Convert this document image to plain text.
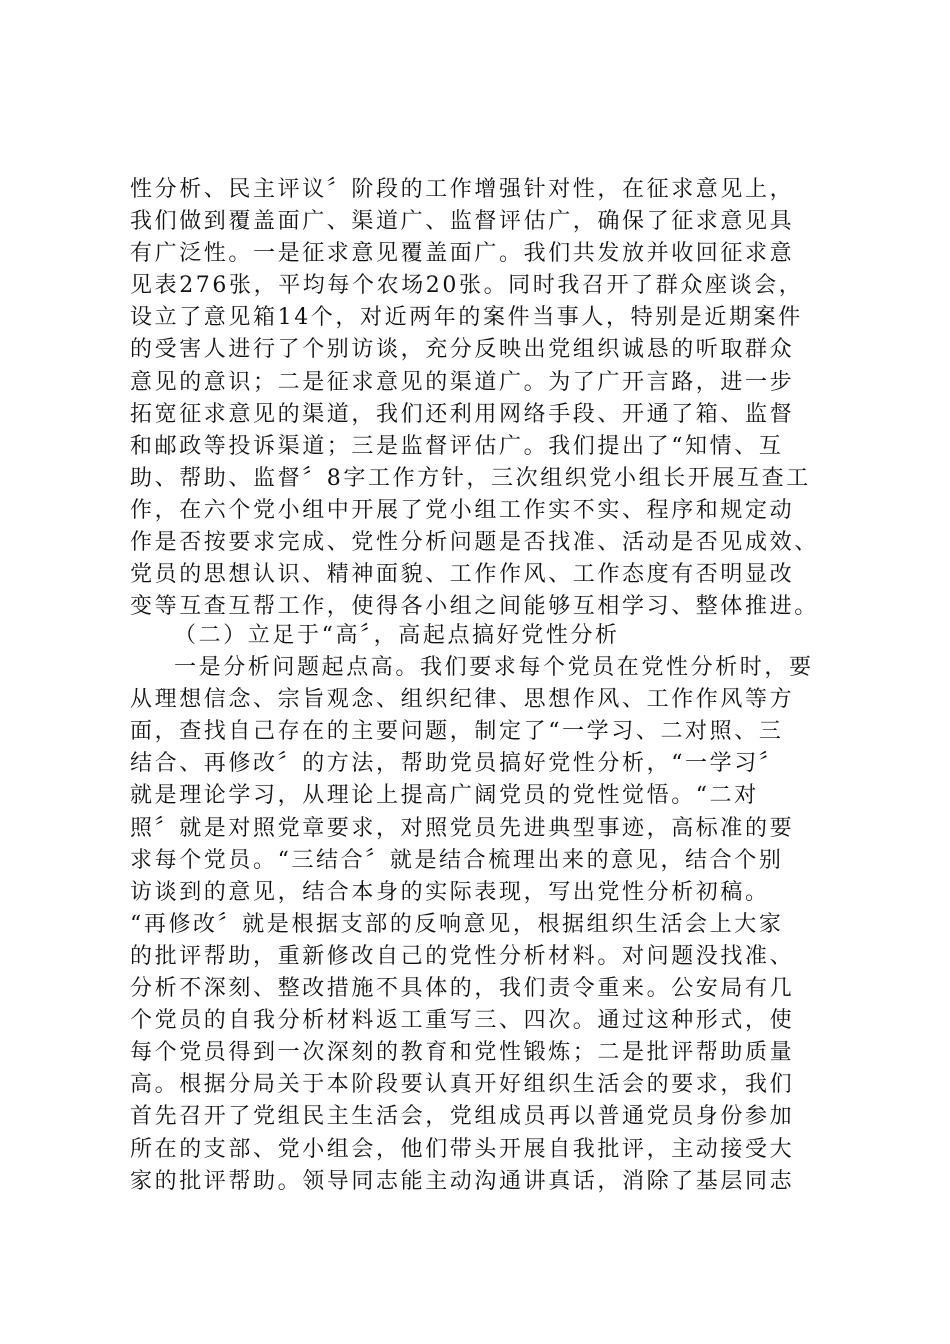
性分析、民主评议〞阶段的工作增强针对性，在征求意见上，
我们做到覆盖面广、渠道广、监督评估广，确保了征求意见具
有广泛性。一是征求意见覆盖面广。我们共发放并收回征求意
见表276张，平均每个农场20张。同时我召开了群众座谈会，
设立了意见箱14个，对近两年的案件当事人，特别是近期案件
的受害人进行了个别访谈，充分反映出党组织诚恳的听取群众
意见的意识；二是征求意见的渠道广。为了广开言路，进一步
拓宽征求意见的渠道，我们还利用网络手段、开通了箱、监督
和邮政等投诉渠道；三是监督评估广。我们提出了“知情、互
助、帮助、监督〞8字工作方针，三次组织党小组长开展互查工
作，在六个党小组中开展了党小组工作实不实、程序和规定动
作是否按要求完成、党性分析问题是否找准、活动是否见成效、
党员的思想认识、精神面貌、工作作风、工作态度有否明显改
变等互查互帮工作，使得各小组之间能够互相学习、整体推进。
（二）立足于“高〞，高起点搞好党性分析
一是分析问题起点高。我们要求每个党员在党性分析时，要
从理想信念、宗旨观念、组织纪律、思想作风、工作作风等方
面，查找自己存在的主要问题，制定了“一学习、二对照、三
结合、再修改〞的方法，帮助党员搞好党性分析，“一学习〞
就是理论学习，从理论上提高广阔党员的党性觉悟。“二对
照〞就是对照党章要求，对照党员先进典型事迹，高标准的要
求每个党员。“三结合〞就是结合梳理出来的意见，结合个别
访谈到的意见，结合本身的实际表现，写出党性分析初稿。
“再修改〞就是根据支部的反响意见，根据组织生活会上大家
的批评帮助，重新修改自己的党性分析材料。对问题没找准、
分析不深刻、整改措施不具体的，我们责令重来。公安局有几
个党员的自我分析材料返工重写三、四次。通过这种形式，使
每个党员得到一次深刻的教育和党性锻炼；二是批评帮助质量
高。根据分局关于本阶段要认真开好组织生活会的要求，我们
首先召开了党组民主生活会，党组成员再以普通党员身份参加
所在的支部、党小组会，他们带头开展自我批评，主动接受大
家的批评帮助。领导同志能主动沟通讲真话，消除了基层同志
